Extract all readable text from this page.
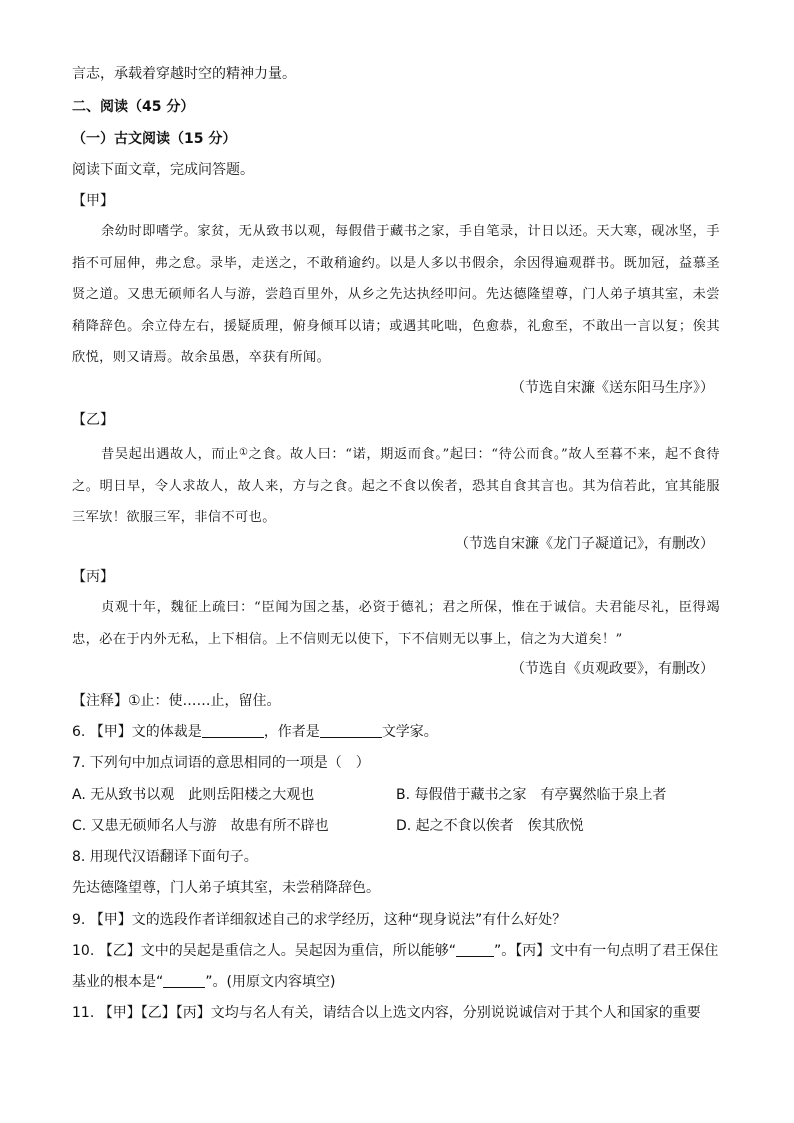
言志，承载着穿越时空的精神力量。
二、阅读（45 分）
（一）古文阅读（15 分）
阅读下面文章，完成问答题。
【甲】
余幼时即嗜学。家贫，无从致书以观，每假借于藏书之家，手自笔录，计日以还。天大寒，砚冰坚，手指不可屈伸，弗之怠。录毕，走送之，不敢稍逾约。以是人多以书假余，余因得遍观群书。既加冠，益慕圣贤之道。又患无硕师名人与游，尝趋百里外，从乡之先达执经叩问。先达德隆望尊，门人弟子填其室，未尝稍降辞色。余立侍左右，援疑质理，俯身倾耳以请；或遇其叱咄，色愈恭，礼愈至，不敢出一言以复；俟其欣悦，则又请焉。故余虽愚，卒获有所闻。
（节选自宋濂《送东阳马生序》）
【乙】
昔吴起出遇故人，而止①之食。故人曰：“诺，期返而食。”起曰：“待公而食。”故人至暮不来，起不食待之。明日早，令人求故人，故人来，方与之食。起之不食以俟者，恐其自食其言也。其为信若此，宜其能服三军欤！欲服三军，非信不可也。
（节选自宋濂《龙门子凝道记》，有删改）
【丙】
贞观十年，魏征上疏曰：“臣闻为国之基，必资于德礼；君之所保，惟在于诚信。夫君能尽礼，臣得竭忠，必在于内外无私，上下相信。上不信则无以使下，下不信则无以事上，信之为大道矣！”
（节选自《贞观政要》，有删改）
【注释】①止：使……止，留住。
6. 【甲】文的体裁是	，作者是	文学家。
7. 下列句中加点词语的意思相同的一项是（　）
A. 无从致书以观　此则岳阳楼之大观也	B. 每假借于藏书之家　有亭翼然临于泉上者
C. 又患无硕师名人与游　故患有所不辟也	D. 起之不食以俟者　俟其欣悦
8. 用现代汉语翻译下面句子。
先达德隆望尊，门人弟子填其室，未尝稍降辞色。
9. 【甲】文的选段作者详细叙述自己的求学经历，这种“现身说法”有什么好处？
10. 【乙】文中的吴起是重信之人。吴起因为重信，所以能够“	”。【丙】文中有一句点明了君王保住
基业的根本是“	”。(用原文内容填空)
11. 【甲】【乙】【丙】文均与名人有关，请结合以上选文内容，分别说说诚信对于其个人和国家的重要
